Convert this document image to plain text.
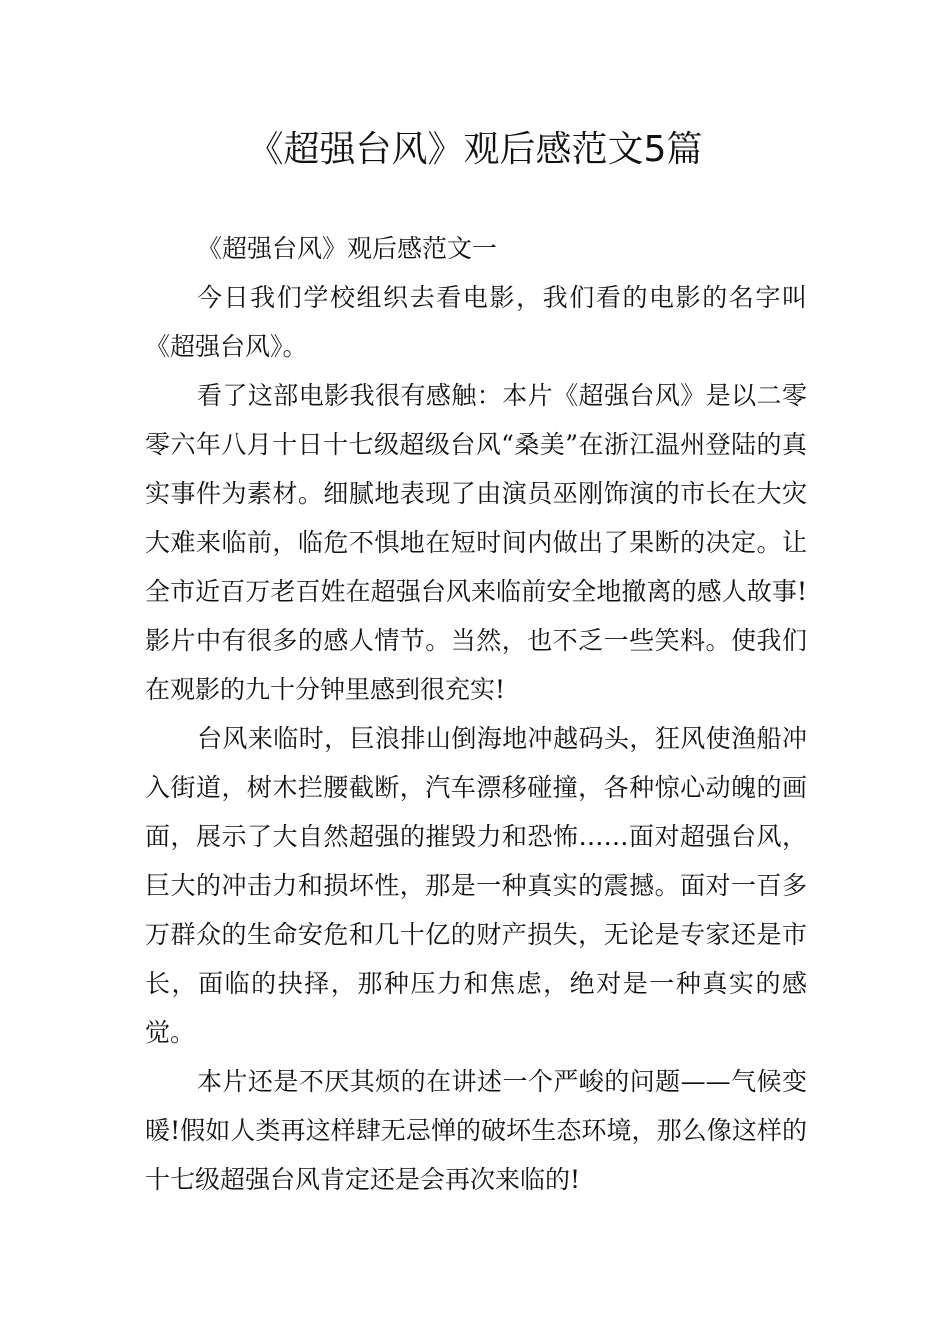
《超强台风》观后感范文5篇

《超强台风》观后感范文一

今日我们学校组织去看电影，我们看的电影的名字叫《超强台风》。

看了这部电影我很有感触：本片《超强台风》是以二零零六年八月十日十七级超级台风“桑美”在浙江温州登陆的真实事件为素材。细腻地表现了由演员巫刚饰演的市长在大灾大难来临前，临危不惧地在短时间内做出了果断的决定。让全市近百万老百姓在超强台风来临前安全地撤离的感人故事!影片中有很多的感人情节。当然，也不乏一些笑料。使我们在观影的九十分钟里感到很充实!

台风来临时，巨浪排山倒海地冲越码头，狂风使渔船冲入街道，树木拦腰截断，汽车漂移碰撞，各种惊心动魄的画面，展示了大自然超强的摧毁力和恐怖……面对超强台风，巨大的冲击力和损坏性，那是一种真实的震撼。面对一百多万群众的生命安危和几十亿的财产损失，无论是专家还是市长，面临的抉择，那种压力和焦虑，绝对是一种真实的感觉。

本片还是不厌其烦的在讲述一个严峻的问题——气候变暖!假如人类再这样肆无忌惮的破坏生态环境，那么像这样的十七级超强台风肯定还是会再次来临的!
